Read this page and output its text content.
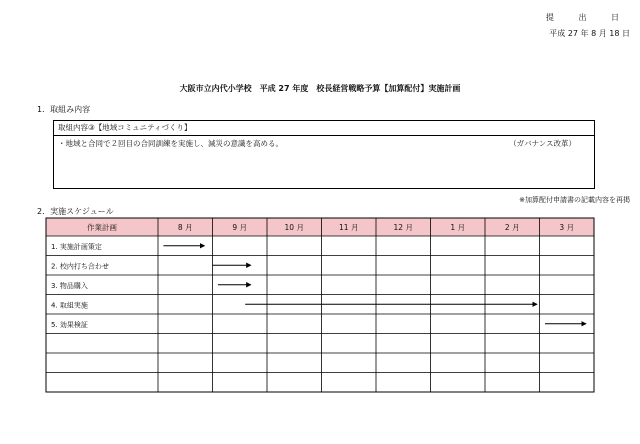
提 出 日
平成 27 年 8 月 18 日
大阪市立内代小学校　平成 27 年度　校長経営戦略予算【加算配付】実施計画
1．取組み内容
取組内容③【地域コミュニティづくり】
・地域と合同で２回目の合同訓練を実施し、減災の意識を高める。	（ガバナンス改革）
※加算配付申請書の記載内容を再掲
2．実施スケジュール
作業計画	8 月	9 月	10 月	11 月	12 月	1 月	2 月	3 月
1. 実施計画策定
2. 校内打ち合わせ
3. 物品購入
4. 取組実施
5. 効果検証
